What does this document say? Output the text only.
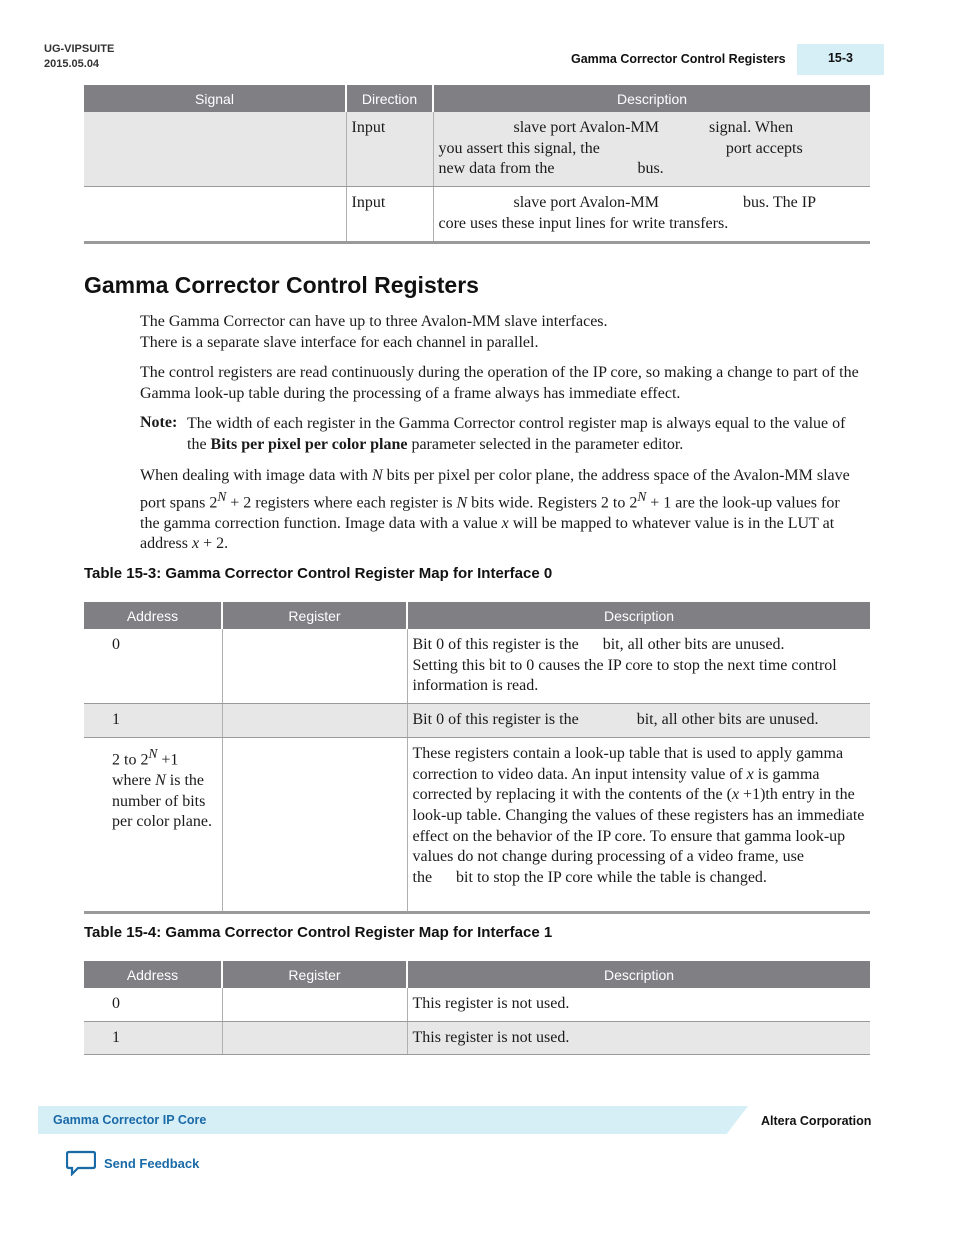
UG-VIPSUITE
2015.05.04	Gamma Corrector Control Registers	15-3
Signal	Direction	Description
	Input	slave port Avalon-MM signal. When
you assert this signal, the port accepts
new data from the bus.
	Input	slave port Avalon-MM bus. The IP
core uses these input lines for write transfers.
Gamma Corrector Control Registers

The Gamma Corrector can have up to three Avalon-MM slave interfaces.
There is a separate slave interface for each channel in parallel.

The control registers are read continuously during the operation of the IP core, so making a change to part of the Gamma look-up table during the processing of a frame always has immediate effect.

Note: The width of each register in the Gamma Corrector control register map is always equal to the value of the Bits per pixel per color plane parameter selected in the parameter editor.

When dealing with image data with N bits per pixel per color plane, the address space of the Avalon-MM slave port spans $2^N + 2$ registers where each register is N bits wide. Registers 2 to $2^N + 1$ are the look-up values for the gamma correction function. Image data with a value x will be mapped to whatever value is in the LUT at address x + 2.

Table 15-3: Gamma Corrector Control Register Map for Interface 0
Address	Register	Description
0		Bit 0 of this register is the bit, all other bits are unused.
Setting this bit to 0 causes the IP core to stop the next time control information is read.
1		Bit 0 of this register is the bit, all other bits are unused.
2 to $2^N +1$
where N is the number of bits per color plane.		These registers contain a look-up table that is used to apply gamma correction to video data. An input intensity value of x is gamma corrected by replacing it with the contents of the (x +1)th entry in the look-up table. Changing the values of these registers has an immediate effect on the behavior of the IP core. To ensure that gamma look-up values do not change during processing of a video frame, use the bit to stop the IP core while the table is changed.
Table 15-4: Gamma Corrector Control Register Map for Interface 1
Address	Register	Description
0		This register is not used.
1		This register is not used.
Gamma Corrector IP Core	Altera Corporation
Send Feedback
